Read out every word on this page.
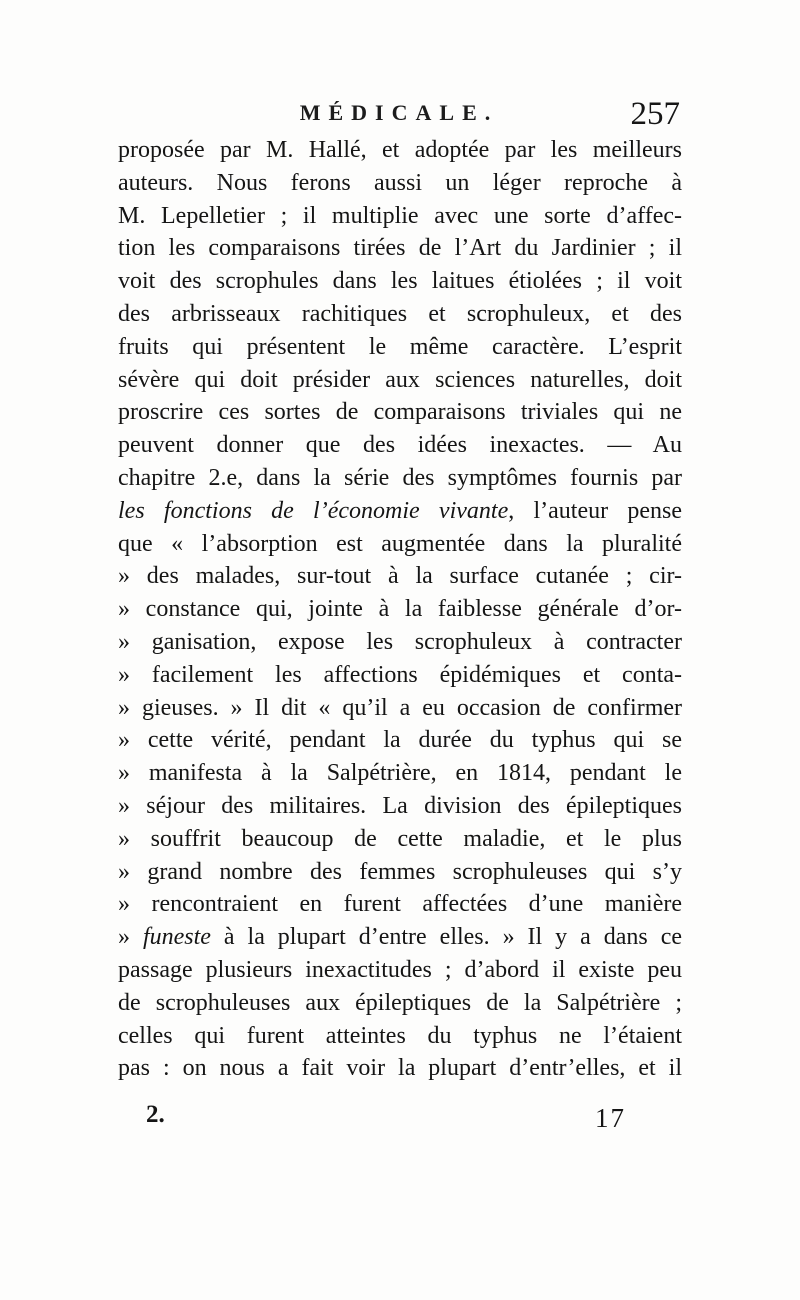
MÉDICALE.	257
proposée par M. Hallé, et adoptée par les meilleurs
auteurs. Nous ferons aussi un léger reproche à
M. Lepelletier ; il multiplie avec une sorte d’affec-
tion les comparaisons tirées de l’Art du Jardinier ; il
voit des scrophules dans les laitues étiolées ; il voit
des arbrisseaux rachitiques et scrophuleux, et des
fruits qui présentent le même caractère. L’esprit
sévère qui doit présider aux sciences naturelles, doit
proscrire ces sortes de comparaisons triviales qui ne
peuvent donner que des idées inexactes. — Au
chapitre 2.e, dans la série des symptômes fournis par
les fonctions de l’économie vivante, l’auteur pense
que « l’absorption est augmentée dans la pluralité
» des malades, sur-tout à la surface cutanée ; cir-
» constance qui, jointe à la faiblesse générale d’or-
» ganisation, expose les scrophuleux à contracter
» facilement les affections épidémiques et conta-
» gieuses. » Il dit « qu’il a eu occasion de confirmer
» cette vérité, pendant la durée du typhus qui se
» manifesta à la Salpétrière, en 1814, pendant le
» séjour des militaires. La division des épileptiques
» souffrit beaucoup de cette maladie, et le plus
» grand nombre des femmes scrophuleuses qui s’y
» rencontraient en furent affectées d’une manière
» funeste à la plupart d’entre elles. » Il y a dans ce
passage plusieurs inexactitudes ; d’abord il existe peu
de scrophuleuses aux épileptiques de la Salpétrière ;
celles qui furent atteintes du typhus ne l’étaient
pas : on nous a fait voir la plupart d’entr’elles, et il
2.	17
